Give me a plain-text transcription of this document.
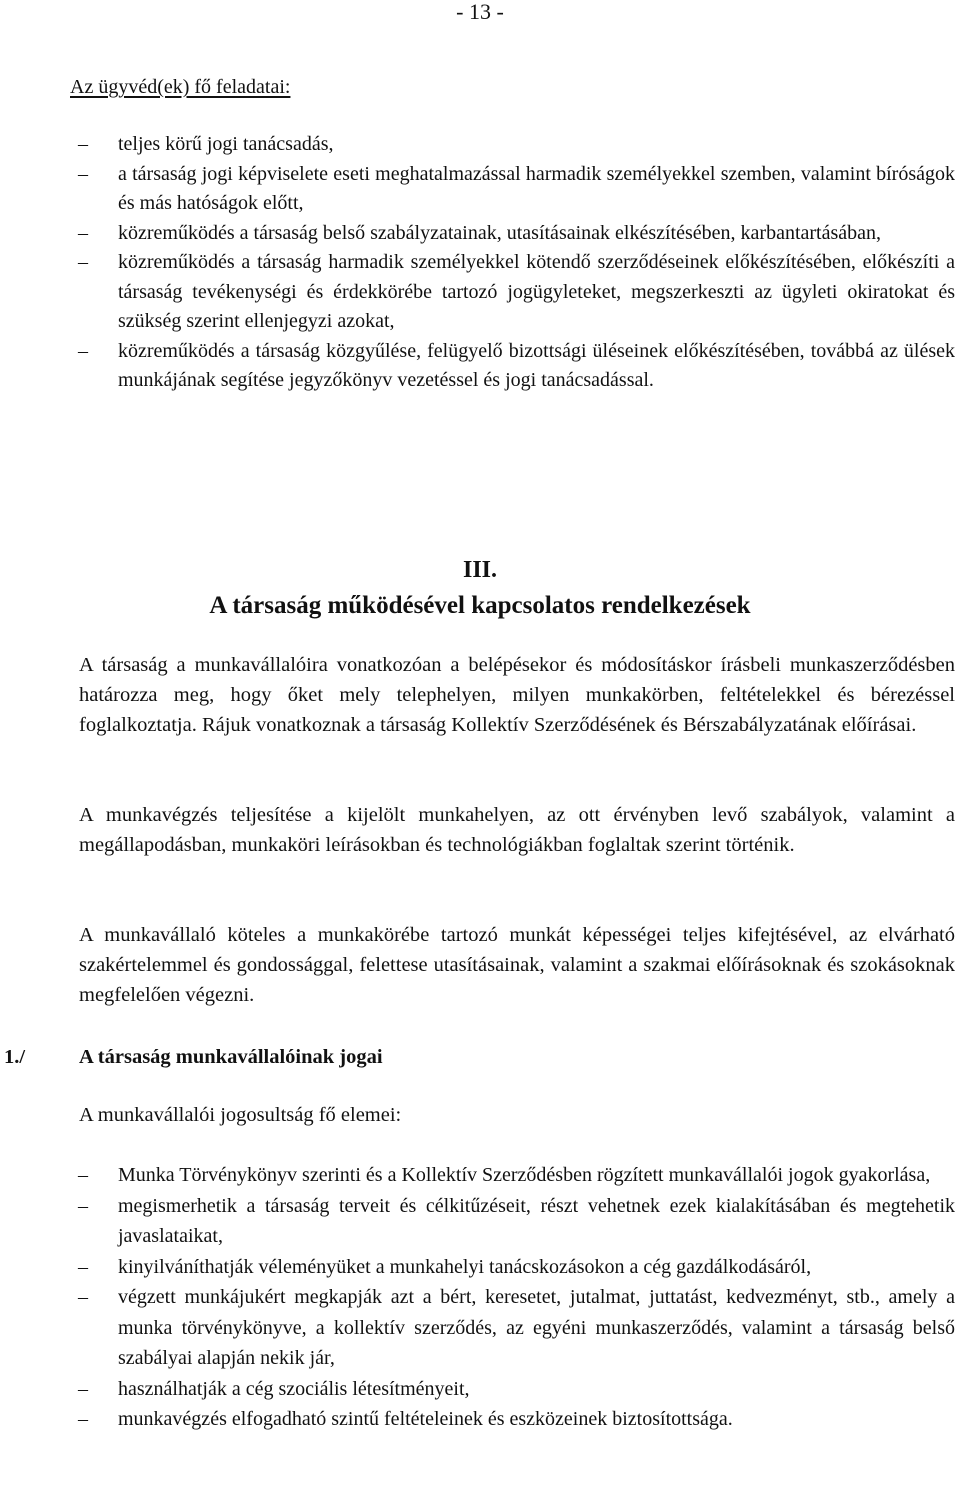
- 13 -
Az ügyvéd(ek) fő feladatai:
–	teljes körű jogi tanácsadás,
–	a társaság jogi képviselete eseti meghatalmazással harmadik személyekkel szemben, valamint bíróságok és más hatóságok előtt,
–	közreműködés a társaság belső szabályzatainak, utasításainak elkészítésében, karbantartásában,
–	közreműködés a társaság harmadik személyekkel kötendő szerződéseinek előkészítésében, előkészíti a társaság tevékenységi és érdekkörébe tartozó jogügyleteket, megszerkeszti az ügyleti okiratokat és szükség szerint ellenjegyzi azokat,
–	közreműködés a társaság közgyűlése, felügyelő bizottsági üléseinek előkészítésében, továbbá az ülések munkájának segítése jegyzőkönyv vezetéssel és jogi tanácsadással.
III.
A társaság működésével kapcsolatos rendelkezések

A társaság a munkavállalóira vonatkozóan a belépésekor és módosításkor írásbeli munkaszerződésben határozza meg, hogy őket mely telephelyen, milyen munkakörben, feltételekkel és bérezéssel foglalkoztatja. Rájuk vonatkoznak a társaság Kollektív Szerződésének és Bérszabályzatának előírásai.

A munkavégzés teljesítése a kijelölt munkahelyen, az ott érvényben levő szabályok, valamint a megállapodásban, munkaköri leírásokban és technológiákban foglaltak szerint történik.

A munkavállaló köteles a munkakörébe tartozó munkát képességei teljes kifejtésével, az elvárható szakértelemmel és gondossággal, felettese utasításainak, valamint a szakmai előírásoknak és szokásoknak megfelelően végezni.

1./	A társaság munkavállalóinak jogai
A munkavállalói jogosultság fő elemei:
–	Munka Törvénykönyv szerinti és a Kollektív Szerződésben rögzített munkavállalói jogok gyakorlása,
–	megismerhetik a társaság terveit és célkitűzéseit, részt vehetnek ezek kialakításában és megtehetik javaslataikat,
–	kinyilváníthatják véleményüket a munkahelyi tanácskozásokon a cég gazdálkodásáról,
–	végzett munkájukért megkapják azt a bért, keresetet, jutalmat, juttatást, kedvezményt, stb., amely a munka törvénykönyve, a kollektív szerződés, az egyéni munkaszerződés, valamint a társaság belső szabályai alapján nekik jár,
–	használhatják a cég szociális létesítményeit,
–	munkavégzés elfogadható szintű feltételeinek és eszközeinek biztosítottsága.
